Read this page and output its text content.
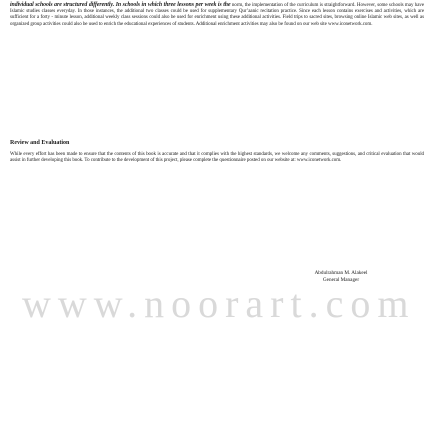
individual schools are structured differently. In schools in which three lessons per week is the norm, the implementation of the curriculum is straightforward. However, some schools may have Islamic studies classes everyday. In those instances, the additional two classes could be used for supplementary Qur’aanic recitation practice. Since each lesson contains exercises and activities, which are sufficient for a forty - minute lesson, additional weekly class sessions could also be used for enrichment using these additional activities. Field trips to sacred sites, browsing online Islamic web sites, as well as organized group activities could also be used to enrich the educational experiences of students. Additional enrichment activities may also be found on our web site www.iconetwork.com.

Review and Evaluation

While every effort has been made to ensure that the contents of this book is accurate and that it complies with the highest standards, we welcome any comments, suggestions, and critical evaluation that would assist in further developing this book. To contribute to the development of this project, please complete the questionnaire posted on our website at: www.iconetwork.com.

www.noorart.com
Abdulrahman M. Alakeel
General Manager
